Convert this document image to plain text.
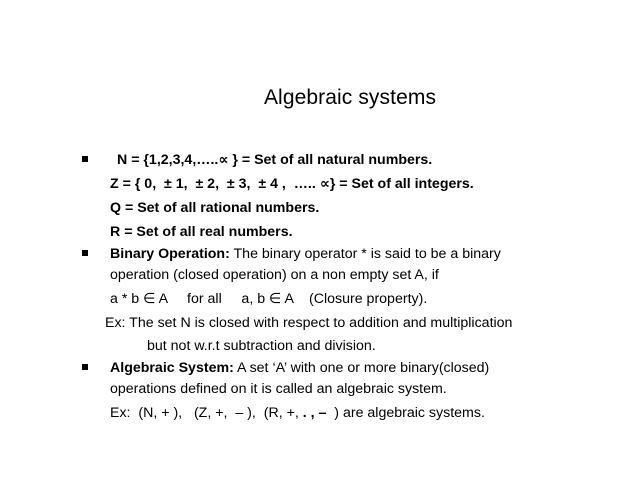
Algebraic systems
N = {1,2,3,4,…..∝ } = Set of all natural numbers.
Z = { 0,  ± 1,  ± 2,  ± 3,  ± 4 ,  ….. ∝} = Set of all integers.
Q = Set of all rational numbers.
R = Set of all real numbers.
Binary Operation: The binary operator * is said to be a binary
operation (closed operation) on a non empty set A, if
a * b ∈ A     for all     a, b ∈ A    (Closure property).
Ex: The set N is closed with respect to addition and multiplication
but not w.r.t subtraction and division.
Algebraic System: A set ‘A’ with one or more binary(closed)
operations defined on it is called an algebraic system.
Ex:  (N, + ),   (Z, +,  – ),  (R, +, . , –  ) are algebraic systems.
